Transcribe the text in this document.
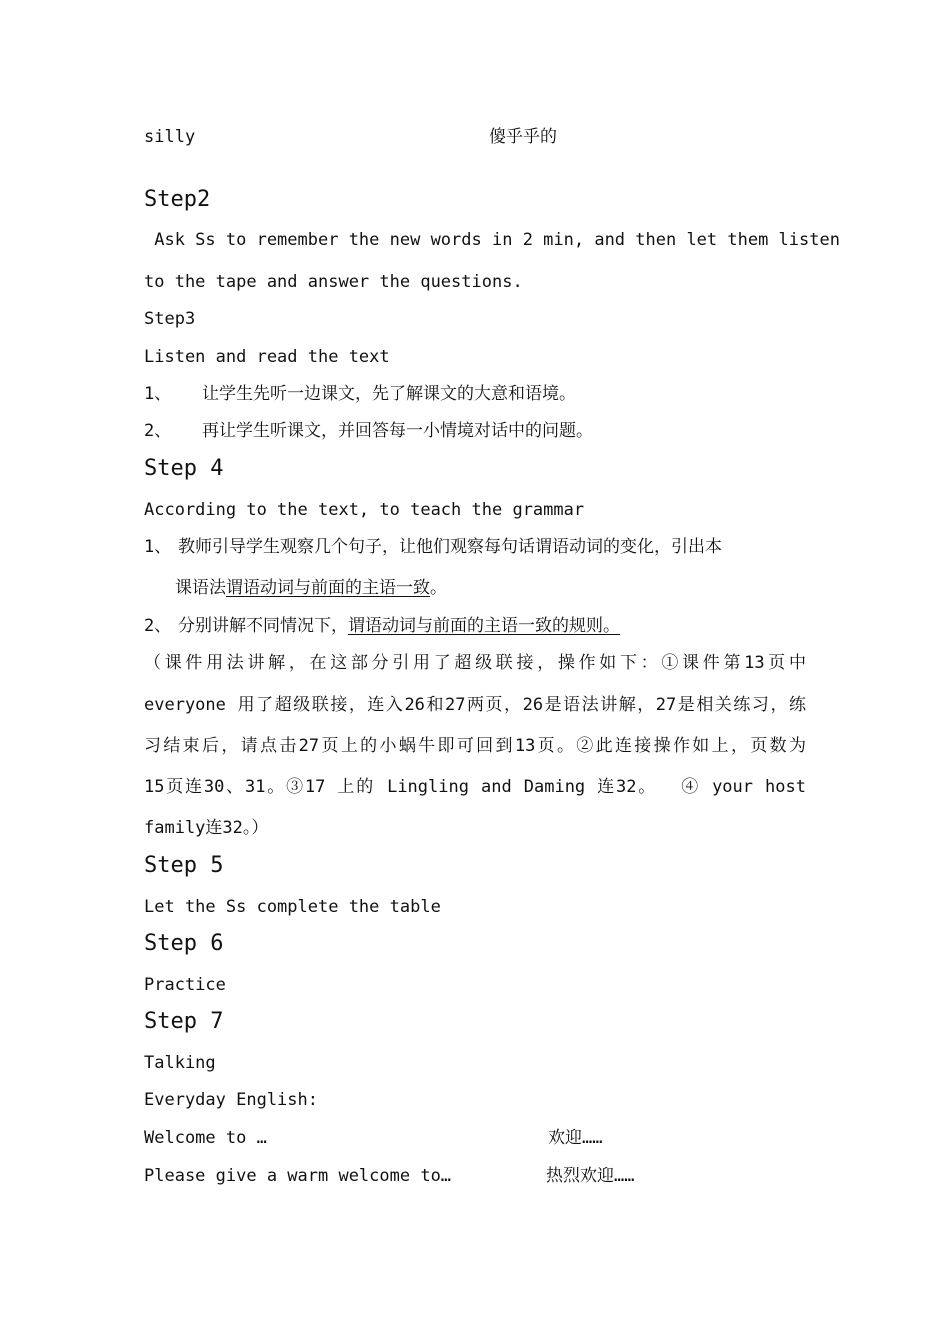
silly	傻乎乎的
Step2
Ask Ss to remember the new words in 2 min, and then let them listen
to the tape and answer the questions.
Step3
Listen and read the text
1、 让学生先听一边课文，先了解课文的大意和语境。
2、 再让学生听课文，并回答每一小情境对话中的问题。
Step 4
According to the text, to teach the grammar
1、 教师引导学生观察几个句子，让他们观察每句话谓语动词的变化，引出本
课语法谓语动词与前面的主语一致。
2、 分别讲解不同情况下，谓语动词与前面的主语一致的规则。
（课件用法讲解，在这部分引用了超级联接，操作如下：①课件第13页中
everyone 用了超级联接，连入26和27两页，26是语法讲解，27是相关练习，练
习结束后，请点击27页上的小蜗牛即可回到13页。②此连接操作如上，页数为
15页连30、31。③17 上的 Lingling and Daming 连32。  ④ your host
family连32。）
Step 5
Let the Ss complete the table
Step 6
Practice
Step 7
Talking
Everyday English:
Welcome to …	欢迎……
Please give a warm welcome to…	热烈欢迎……
